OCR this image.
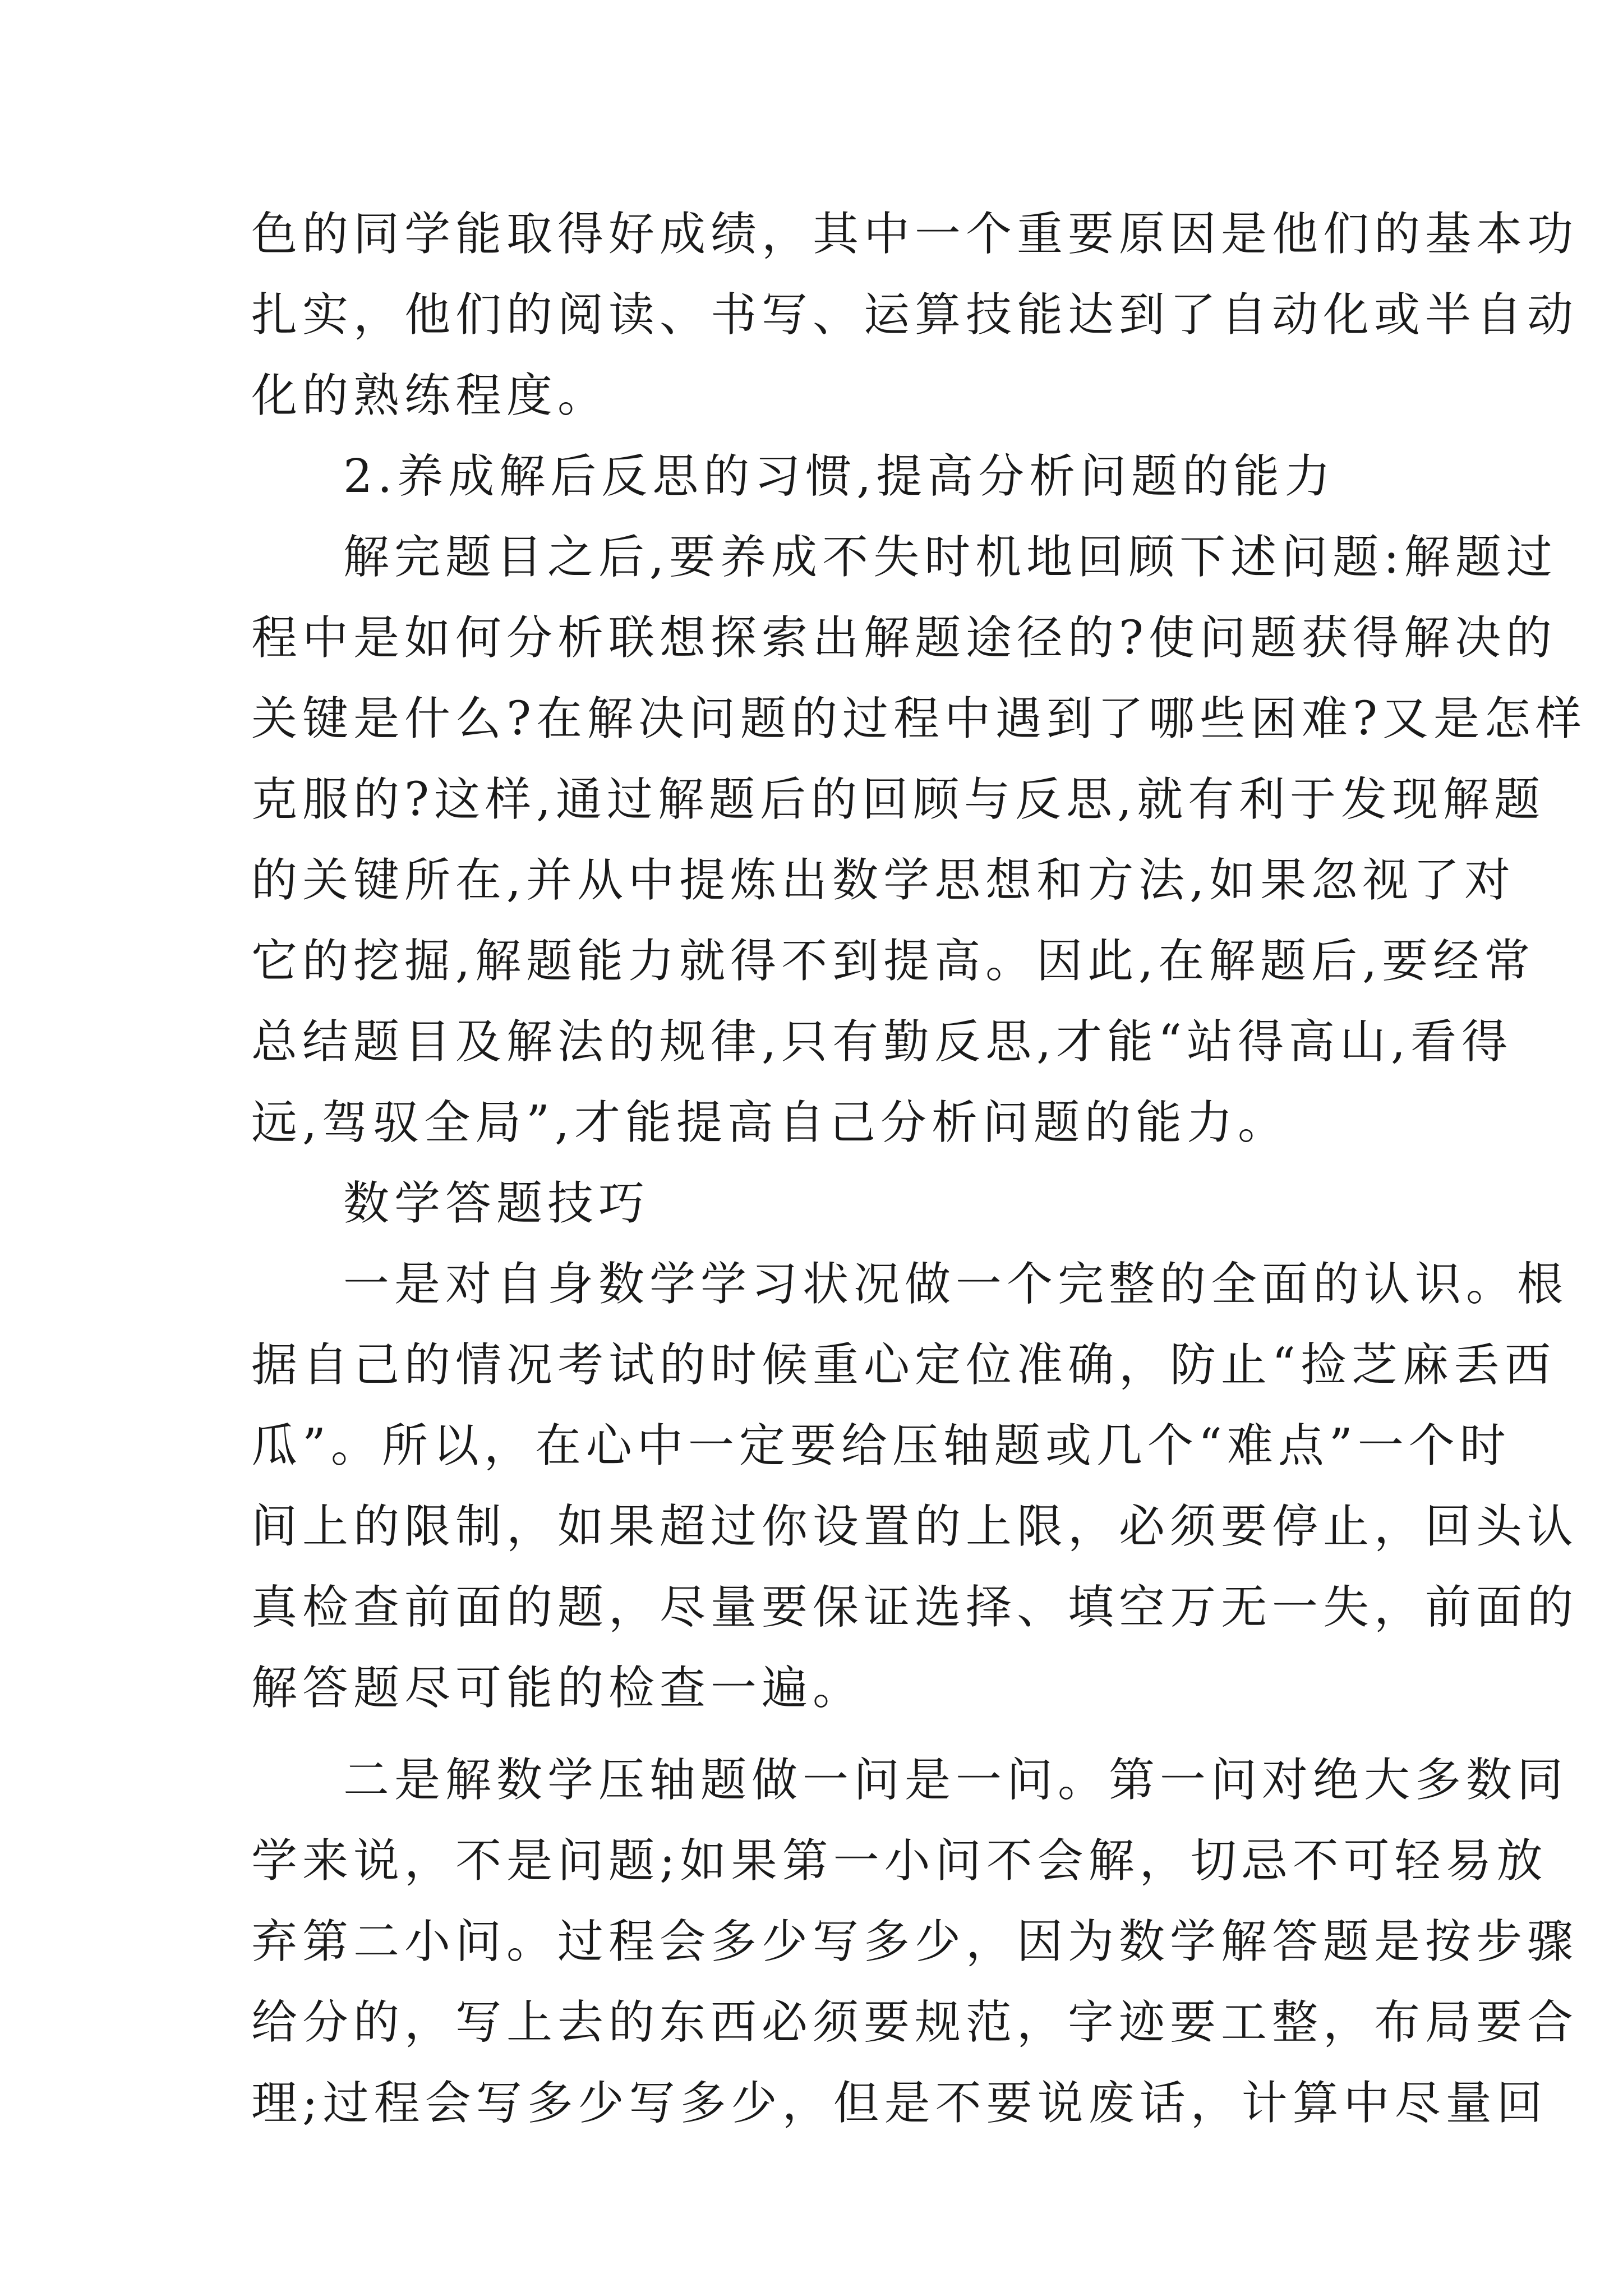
色的同学能取得好成绩，其中一个重要原因是他们的基本功
扎实，他们的阅读、书写、运算技能达到了自动化或半自动
化的熟练程度。
2.养成解后反思的习惯,提高分析问题的能力
解完题目之后,要养成不失时机地回顾下述问题:解题过
程中是如何分析联想探索出解题途径的?使问题获得解决的
关键是什么?在解决问题的过程中遇到了哪些困难?又是怎样
克服的?这样,通过解题后的回顾与反思,就有利于发现解题
的关键所在,并从中提炼出数学思想和方法,如果忽视了对
它的挖掘,解题能力就得不到提高。因此,在解题后,要经常
总结题目及解法的规律,只有勤反思,才能“站得高山,看得
远,驾驭全局”,才能提高自己分析问题的能力。
数学答题技巧
一是对自身数学学习状况做一个完整的全面的认识。根
据自己的情况考试的时候重心定位准确，防止“捡芝麻丢西
瓜”。所以，在心中一定要给压轴题或几个“难点”一个时
间上的限制，如果超过你设置的上限，必须要停止，回头认
真检查前面的题，尽量要保证选择、填空万无一失，前面的
解答题尽可能的检查一遍。
二是解数学压轴题做一问是一问。第一问对绝大多数同
学来说，不是问题;如果第一小问不会解，切忌不可轻易放
弃第二小问。过程会多少写多少，因为数学解答题是按步骤
给分的，写上去的东西必须要规范，字迹要工整，布局要合
理;过程会写多少写多少，但是不要说废话，计算中尽量回
